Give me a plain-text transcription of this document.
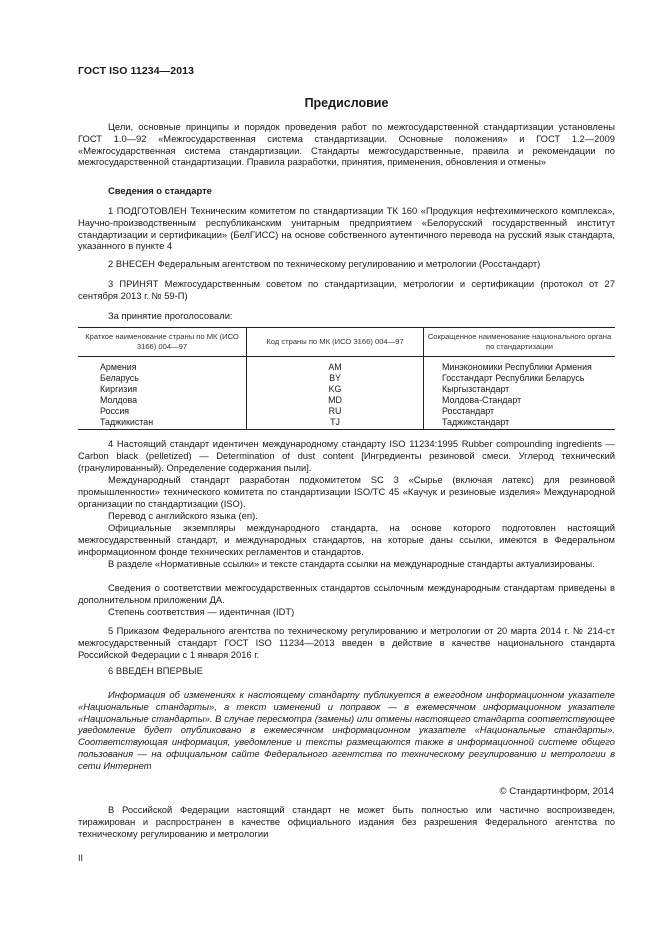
ГОСТ ISO 11234—2013
Предисловие

Цели, основные принципы и порядок проведения работ по межгосударственной стандартизации установлены ГОСТ 1.0—92 «Межгосударственная система стандартизации. Основные положения» и ГОСТ 1.2—2009 «Межгосударственная система стандартизации. Стандарты межгосударственные, правила и рекомендации по межгосударственной стандартизации. Правила разработки, принятия, применения, обновления и отмены»

Сведения о стандарте

1 ПОДГОТОВЛЕН Техническим комитетом по стандартизации ТК 160 «Продукция нефтехимического комплекса», Научно-производственным республиканским унитарным предприятием «Белорусский государственный институт стандартизации и сертификации» (БелГИСС) на основе собственного аутентичного перевода на русский язык стандарта, указанного в пункте 4

2 ВНЕСЕН Федеральным агентством по техническому регулированию и метрологии (Росстандарт)

3 ПРИНЯТ Межгосударственным советом по стандартизации, метрологии и сертификации (протокол от 27 сентября 2013 г. № 59-П)

За принятие проголосовали:

Краткое наименование страны по МК (ИСО 3166) 004—97	Код страны по МК (ИСО 3166) 004—97	Сокращенное наименование национального органа по стандартизации
Армения	AM	Минэкономики Республики Армения
Беларусь	BY	Госстандарт Республики Беларусь
Киргизия	KG	Кыргызстандарт
Молдова	MD	Молдова-Стандарт
Россия	RU	Росстандарт
Таджикистан	TJ	Таджикстандарт

4 Настоящий стандарт идентичен международному стандарту ISO 11234:1995 Rubber compounding ingredients — Carbon black (pelletized) — Determination of dust content [Ингредиенты резиновой смеси. Углерод технический (гранулированный). Определение содержания пыли].

Международный стандарт разработан подкомитетом SC 3 «Сырье (включая латекс) для резиновой промышленности» технического комитета по стандартизации ISO/TC 45 «Каучук и резиновые изделия» Международной организации по стандартизации (ISO).

Перевод с английского языка (en).

Официальные экземпляры международного стандарта, на основе которого подготовлен настоящий межгосударственный стандарт, и международных стандартов, на которые даны ссылки, имеются в Федеральном информационном фонде технических регламентов и стандартов.

В разделе «Нормативные ссылки» и тексте стандарта ссылки на международные стандарты актуализированы.

Сведения о соответствии межгосударственных стандартов ссылочным международным стандартам приведены в дополнительном приложении ДА.

Степень соответствия — идентичная (IDT)

5 Приказом Федерального агентства по техническому регулированию и метрологии от 20 марта 2014 г. № 214-ст межгосударственный стандарт ГОСТ ISO 11234—2013 введен в действие в качестве национального стандарта Российской Федерации с 1 января 2016 г.

6 ВВЕДЕН ВПЕРВЫЕ

Информация об изменениях к настоящему стандарту публикуется в ежегодном информационном указателе «Национальные стандарты», а текст изменений и поправок — в ежемесячном информационном указателе «Национальные стандарты». В случае пересмотра (замены) или отмены настоящего стандарта соответствующее уведомление будет опубликовано в ежемесячном информационном указателе «Национальные стандарты». Соответствующая информация, уведомление и тексты размещаются также в информационной системе общего пользования — на официальном сайте Федерального агентства по техническому регулированию и метрологии в сети Интернет

© Стандартинформ, 2014

В Российской Федерации настоящий стандарт не может быть полностью или частично воспроизведен, тиражирован и распространен в качестве официального издания без разрешения Федерального агентства по техническому регулированию и метрологии

II
